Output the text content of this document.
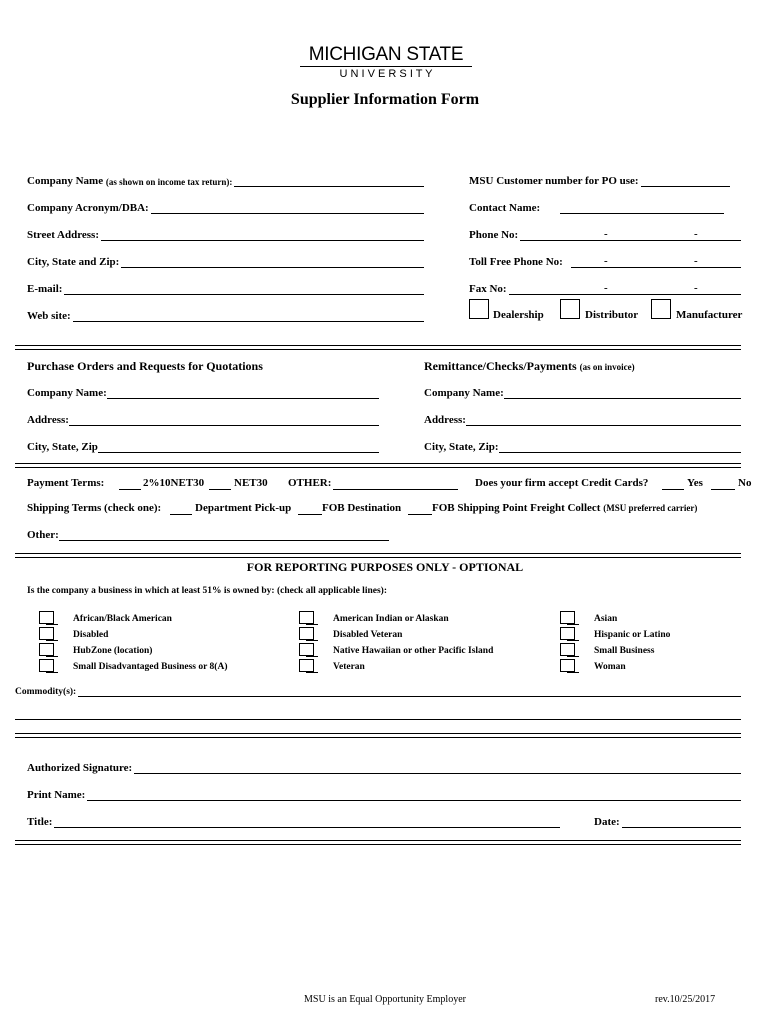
MICHIGAN STATE
U N I V E R S I T Y
Supplier Information Form
Company Name
(as shown on income tax return):
Company Acronym/DBA:
Street Address:
City, State and Zip:
E-mail:
Web site:
MSU Customer number for PO use:
Contact Name:
Phone No:	-	-
Toll Free Phone No:	-	-
Fax No:	-	-
Dealership	Distributor	Manufacturer
Purchase Orders and Requests for Quotations	Remittance/Checks/Payments (as on invoice)
Company Name:
Address:
City, State, Zip
Company Name:
Address:
City, State, Zip:
Payment Terms:	2%10NET30	NET30 OTHER:	Does your firm accept Credit Cards?	Yes	No
Shipping Terms (check one):	Department Pick-up	FOB Destination	FOB Shipping Point Freight Collect (MSU preferred carrier)
Other:
FOR REPORTING PURPOSES ONLY - OPTIONAL
Is the company a business in which at least 51% is owned by: (check all applicable lines):
African/Black American
Disabled
HubZone (location)
Small Disadvantaged Business or 8(A)
American Indian or Alaskan
Disabled Veteran
Native Hawaiian or other Pacific Island
Veteran
Asian
Hispanic or Latino
Small Business
Woman
Commodity(s):
Authorized Signature:
Print Name:
Title:	Date:
MSU is an Equal Opportunity Employer	rev.10/25/2017
